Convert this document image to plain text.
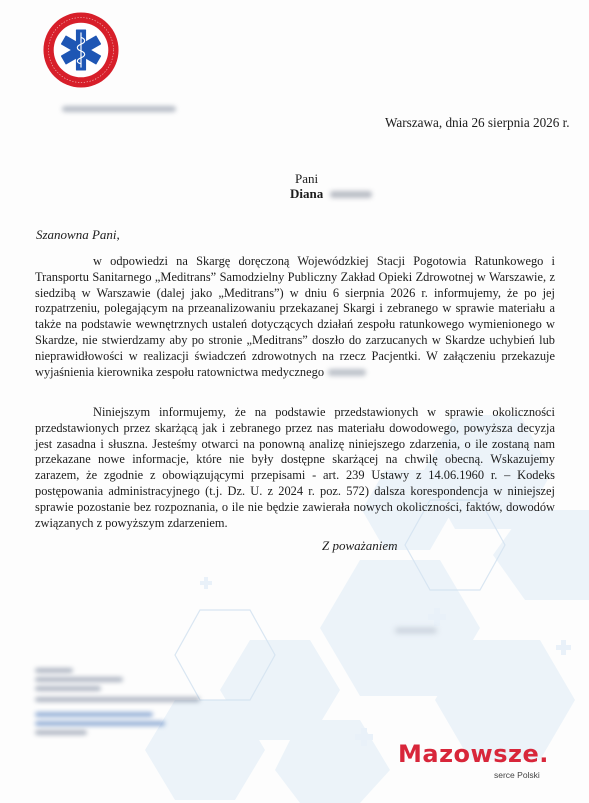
Warszawa, dnia 26 sierpnia 2026 r.
Pani
Diana
Szanowna Pani,
w odpowiedzi na Skargę doręczoną Wojewódzkiej Stacji Pogotowia Ratunkowego i Transportu Sanitarnego „Meditrans” Samodzielny Publiczny Zakład Opieki Zdrowotnej w Warszawie, z siedzibą w Warszawie (dalej jako „Meditrans”) w dniu 6 sierpnia 2026 r. informujemy, że po jej rozpatrzeniu, polegającym na przeanalizowaniu przekazanej Skargi i zebranego w sprawie materiału a także na podstawie wewnętrznych ustaleń dotyczących działań zespołu ratunkowego wymienionego w Skardze, nie stwierdzamy aby po stronie „Meditrans” doszło do zarzucanych w Skardze uchybień lub nieprawidłowości w realizacji świadczeń zdrowotnych na rzecz Pacjentki. W załączeniu przekazuje wyjaśnienia kierownika zespołu ratownictwa medycznego
Niniejszym informujemy, że na podstawie przedstawionych w sprawie okoliczności przedstawionych przez skarżącą jak i zebranego przez nas materiału dowodowego, powyższa decyzja jest zasadna i słuszna. Jesteśmy otwarci na ponowną analizę niniejszego zdarzenia, o ile zostaną nam przekazane nowe informacje, które nie były dostępne skarżącej na chwilę obecną. Wskazujemy zarazem, że zgodnie z obowiązującymi przepisami - art. 239 Ustawy z 14.06.1960 r. – Kodeks postępowania administracyjnego (t.j. Dz. U. z 2024 r. poz. 572) dalsza korespondencja w niniejszej sprawie pozostanie bez rozpoznania, o ile nie będzie zawierała nowych okoliczności, faktów, dowodów związanych z powyższym zdarzeniem.
Z poważaniem
Mazowsze.
serce Polski
